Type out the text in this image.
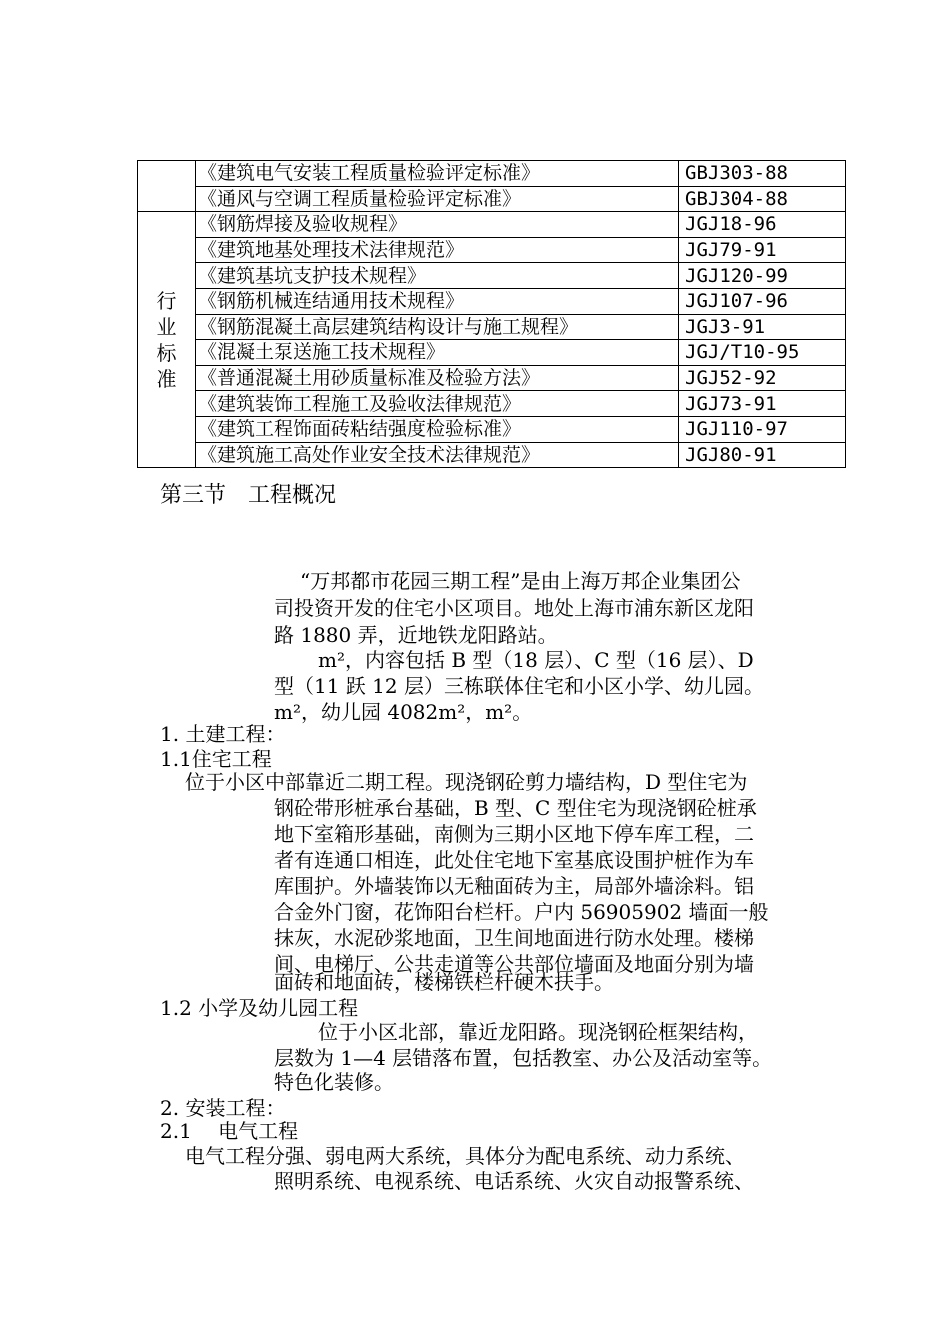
	《建筑电气安装工程质量检验评定标准》	GBJ303-88
	《通风与空调工程质量检验评定标准》	GBJ304-88
行业标准	《钢筋焊接及验收规程》	JGJ18-96
	《建筑地基处理技术法律规范》	JGJ79-91
	《建筑基坑支护技术规程》	JGJ120-99
	《钢筋机械连结通用技术规程》	JGJ107-96
	《钢筋混凝土高层建筑结构设计与施工规程》	JGJ3-91
	《混凝土泵送施工技术规程》	JGJ/T10-95
	《普通混凝土用砂质量标准及检验方法》	JGJ52-92
	《建筑装饰工程施工及验收法律规范》	JGJ73-91
	《建筑工程饰面砖粘结强度检验标准》	JGJ110-97
	《建筑施工高处作业安全技术法律规范》	JGJ80-91
第三节　工程概况
“万邦都市花园三期工程”是由上海万邦企业集团公
司投资开发的住宅小区项目。地处上海市浦东新区龙阳
路 1880 弄，近地铁龙阳路站。
m²，内容包括 B 型（18 层）、C 型（16 层）、D
型（11 跃 12 层）三栋联体住宅和小区小学、幼儿园。
m²，幼儿园 4082m²，m²。
1. 土建工程：
1.1住宅工程
位于小区中部靠近二期工程。现浇钢砼剪力墙结构，D 型住宅为
钢砼带形桩承台基础，B 型、C 型住宅为现浇钢砼桩承
地下室箱形基础，南侧为三期小区地下停车库工程，二
者有连通口相连，此处住宅地下室基底设围护桩作为车
库围护。外墙装饰以无釉面砖为主，局部外墙涂料。铝
合金外门窗，花饰阳台栏杆。户内 56905902 墙面一般
抹灰，水泥砂浆地面，卫生间地面进行防水处理。楼梯
间、电梯厅、公共走道等公共部位墙面及地面分别为墙
面砖和地面砖，楼梯铁栏杆硬木扶手。
1.2 小学及幼儿园工程
位于小区北部，靠近龙阳路。现浇钢砼框架结构，
层数为 1—4 层错落布置，包括教室、办公及活动室等。
特色化装修。
2. 安装工程：
2.1　 电气工程
电气工程分强、弱电两大系统，具体分为配电系统、动力系统、
照明系统、电视系统、电话系统、火灾自动报警系统、
